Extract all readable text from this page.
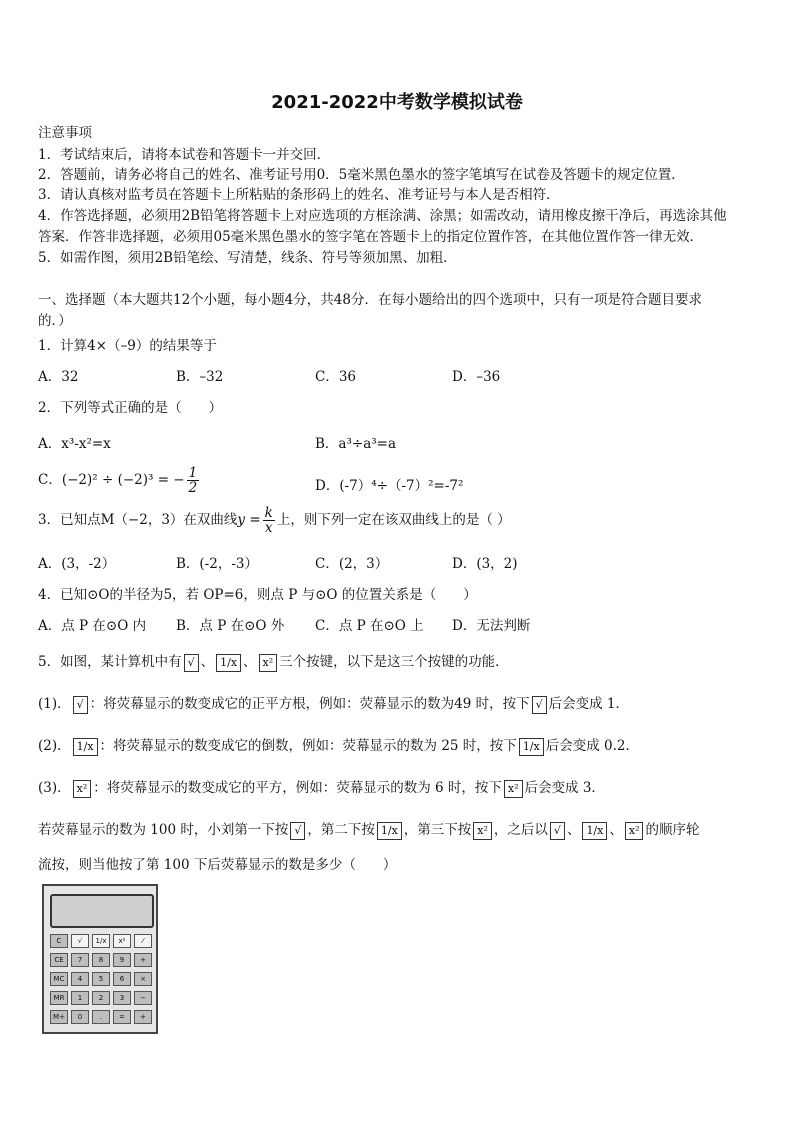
2021-2022中考数学模拟试卷
注意事项
1．考试结束后，请将本试卷和答题卡一并交回．
2．答题前，请务必将自己的姓名、准考证号用0．5毫米黑色墨水的签字笔填写在试卷及答题卡的规定位置．
3．请认真核对监考员在答题卡上所粘贴的条形码上的姓名、准考证号与本人是否相符．
4．作答选择题，必须用2B铅笔将答题卡上对应选项的方框涂满、涂黑；如需改动，请用橡皮擦干净后，再选涂其他
答案．作答非选择题，必须用05毫米黑色墨水的签字笔在答题卡上的指定位置作答，在其他位置作答一律无效．
5．如需作图，须用2B铅笔绘、写清楚，线条、符号等须加黑、加粗．
一、选择题（本大题共12个小题，每小题4分，共48分．在每小题给出的四个选项中，只有一项是符合题目要求
的．）
1．计算4×（–9）的结果等于
A．32	B．–32	C．36	D．–36
2．下列等式正确的是（　　）
A．x³-x²=x	B．a³÷a³=a
C．(−2)² ÷ (−2)³ = − $\frac{1}{2}$	D．(-7）⁴÷（-7）²=-7²
3．已知点M（−2，3）在双曲线$y = \frac{k}{x}$ 上，则下列一定在该双曲线上的是（ ）
A．(3，-2）	B．(-2，-3）	C．(2，3）	D．(3，2)
4．已知⊙O的半径为5，若 OP=6，则点 P 与⊙O 的位置关系是（　　）
A．点 P 在⊙O 内 B．点 P 在⊙O 外 C．点 P 在⊙O 上 D．无法判断
5．如图，某计算机中有 √ 、 1/x 、 x² 三个按键，以下是这三个按键的功能．
(1)． √ ：将荧幕显示的数变成它的正平方根，例如：荧幕显示的数为49 时，按下 √ 后会变成 1．
(2)． 1/x ：将荧幕显示的数变成它的倒数，例如：荧幕显示的数为 25 时，按下 1/x 后会变成 0.2．
(3)． x² ：将荧幕显示的数变成它的平方，例如：荧幕显示的数为 6 时，按下 x² 后会变成 3．
若荧幕显示的数为 100 时，小刘第一下按 √ ，第二下按 1/x ，第三下按 x² ，之后以 √ 、 1/x 、 x² 的顺序轮
流按，则当他按了第 100 下后荧幕显示的数是多少（　　）
C	√	1/x	x²	⁄
CE	7	8	9	+
MC	4	5	6	×
MR	1	2	3	−
M+	0	.	=	+
